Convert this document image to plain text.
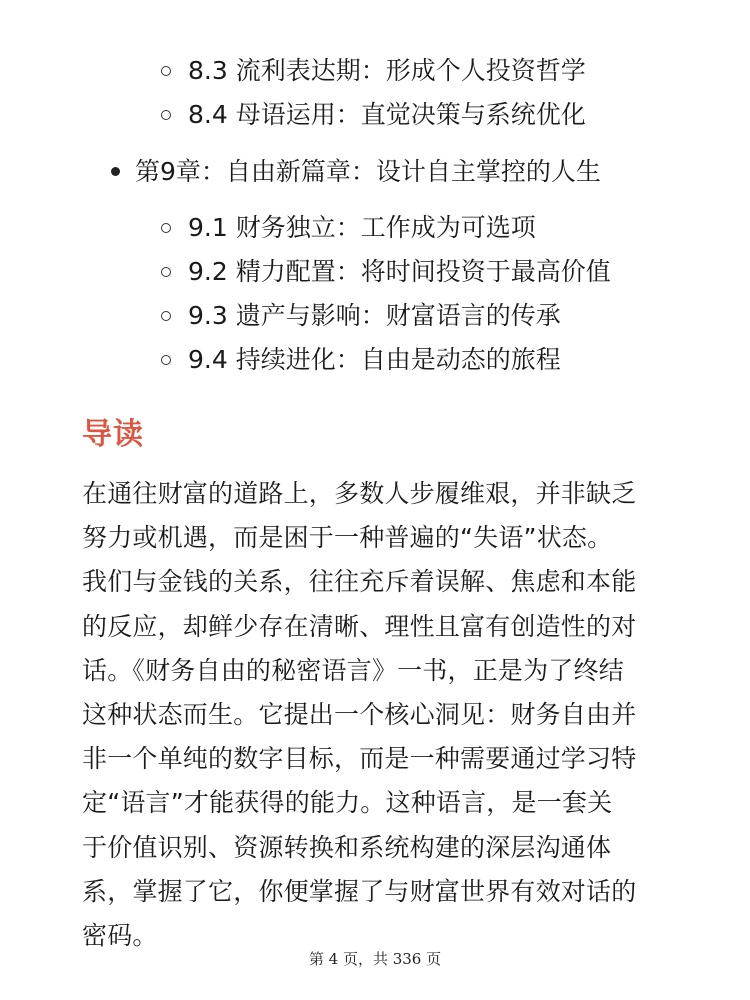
8.3 流利表达期：形成个人投资哲学
8.4 母语运用：直觉决策与系统优化
第9章：自由新篇章：设计自主掌控的人生
9.1 财务独立：工作成为可选项
9.2 精力配置：将时间投资于最高价值
9.3 遗产与影响：财富语言的传承
9.4 持续进化：自由是动态的旅程
导读
在通往财富的道路上，多数人步履维艰，并非缺乏
努力或机遇，而是困于一种普遍的“失语”状态。
我们与金钱的关系，往往充斥着误解、焦虑和本能
的反应，却鲜少存在清晰、理性且富有创造性的对
话。《财务自由的秘密语言》一书，正是为了终结
这种状态而生。它提出一个核心洞见：财务自由并
非一个单纯的数字目标，而是一种需要通过学习特
定“语言”才能获得的能力。这种语言，是一套关
于价值识别、资源转换和系统构建的深层沟通体
系，掌握了它，你便掌握了与财富世界有效对话的
密码。
第 4 页，共 336 页
